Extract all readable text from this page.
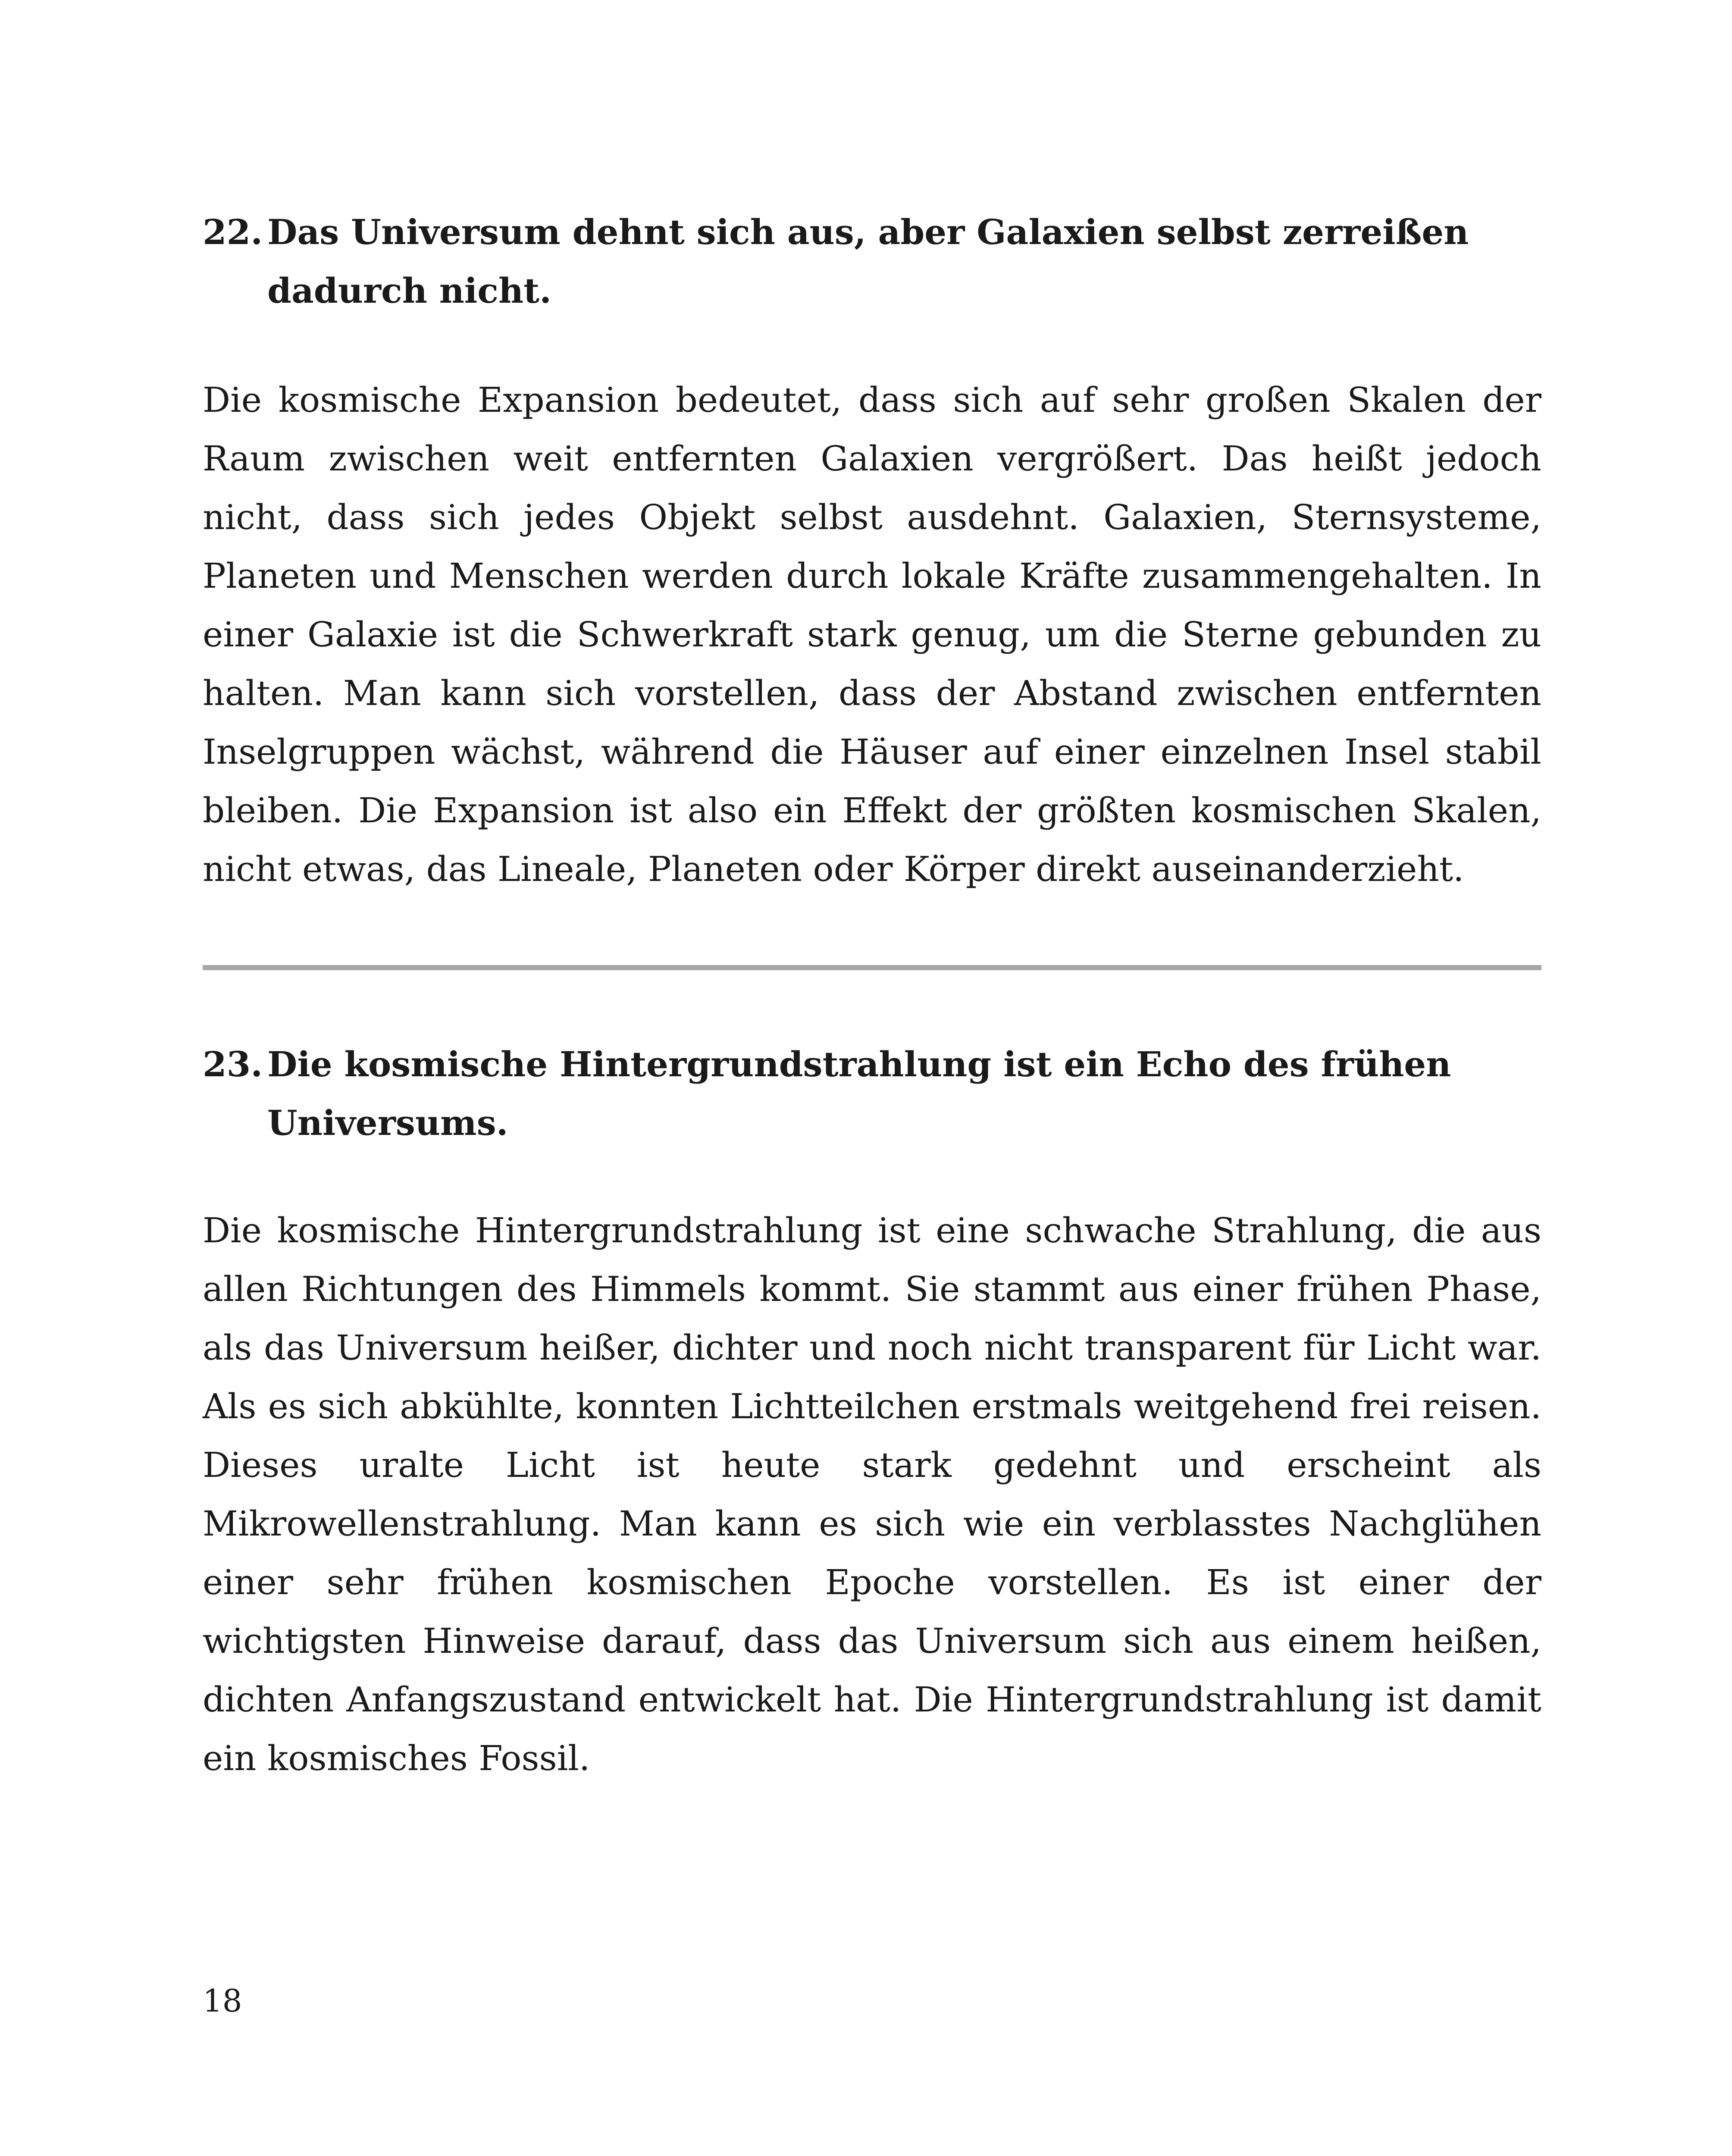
22. Das Universum dehnt sich aus, aber Galaxien selbst zerreißen dadurch nicht.

Die kosmische Expansion bedeutet, dass sich auf sehr großen Skalen der Raum zwischen weit entfernten Galaxien vergrößert. Das heißt jedoch nicht, dass sich jedes Objekt selbst ausdehnt. Galaxien, Sternsysteme, Planeten und Menschen werden durch lokale Kräfte zusammengehalten. In einer Galaxie ist die Schwerkraft stark genug, um die Sterne gebunden zu halten. Man kann sich vorstellen, dass der Abstand zwischen entfernten Inselgruppen wächst, während die Häuser auf einer einzelnen Insel stabil bleiben. Die Expansion ist also ein Effekt der größten kosmischen Skalen, nicht etwas, das Lineale, Planeten oder Körper direkt auseinanderzieht.

23. Die kosmische Hintergrundstrahlung ist ein Echo des frühen Universums.

Die kosmische Hintergrundstrahlung ist eine schwache Strahlung, die aus allen Richtungen des Himmels kommt. Sie stammt aus einer frühen Phase, als das Universum heißer, dichter und noch nicht transparent für Licht war. Als es sich abkühlte, konnten Lichtteilchen erstmals weitgehend frei reisen. Dieses uralte Licht ist heute stark gedehnt und erscheint als Mikrowellenstrahlung. Man kann es sich wie ein verblasstes Nachglühen einer sehr frühen kosmischen Epoche vorstellen. Es ist einer der wichtigsten Hinweise darauf, dass das Universum sich aus einem heißen, dichten Anfangszustand entwickelt hat. Die Hintergrundstrahlung ist damit ein kosmisches Fossil.

18
